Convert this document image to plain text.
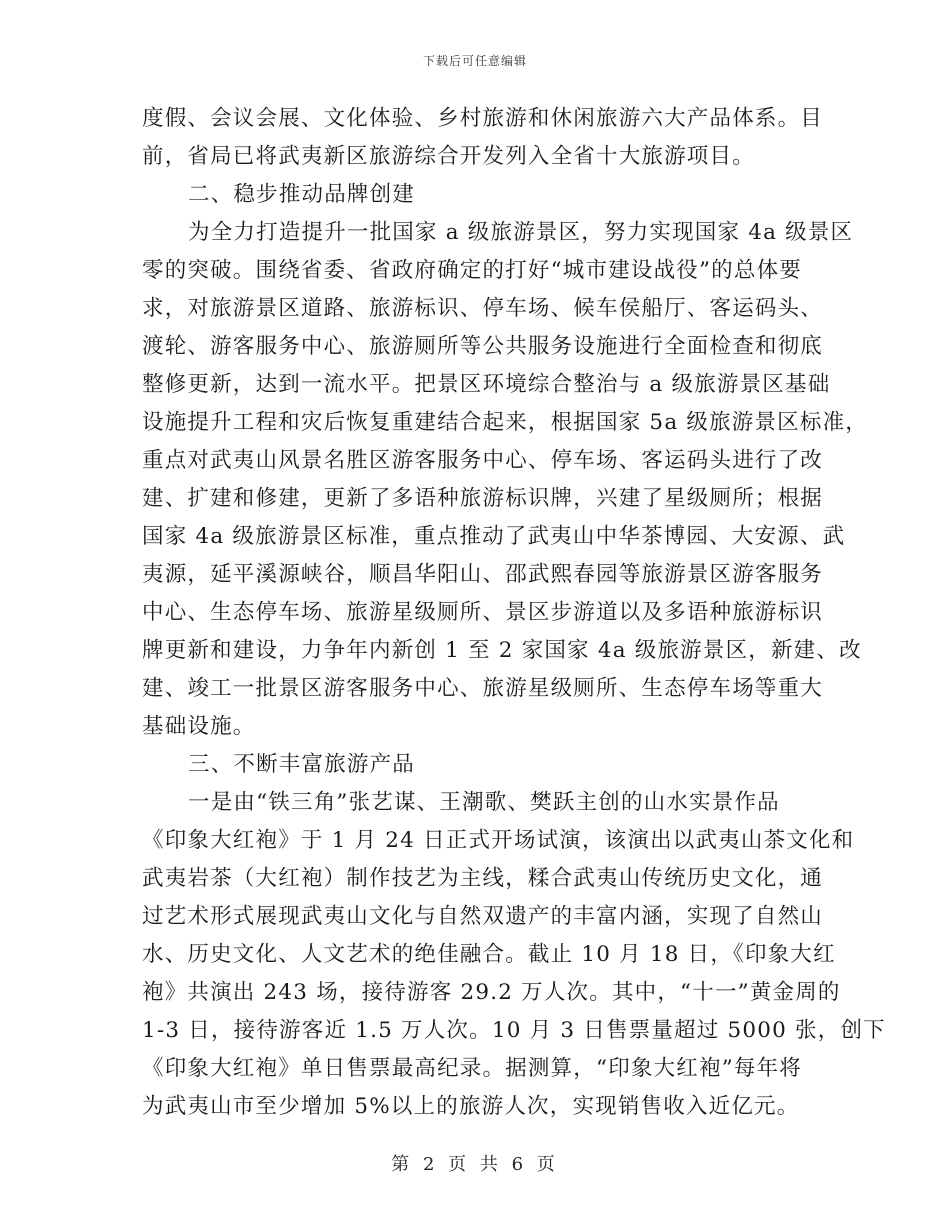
下载后可任意编辑
度假、会议会展、文化体验、乡村旅游和休闲旅游六大产品体系。目
前，省局已将武夷新区旅游综合开发列入全省十大旅游项目。
二、稳步推动品牌创建
为全力打造提升一批国家 a 级旅游景区，努力实现国家 4a 级景区
零的突破。围绕省委、省政府确定的打好“城市建设战役”的总体要
求，对旅游景区道路、旅游标识、停车场、候车侯船厅、客运码头、
渡轮、游客服务中心、旅游厕所等公共服务设施进行全面检查和彻底
整修更新，达到一流水平。把景区环境综合整治与 a 级旅游景区基础
设施提升工程和灾后恢复重建结合起来，根据国家 5a 级旅游景区标准，
重点对武夷山风景名胜区游客服务中心、停车场、客运码头进行了改
建、扩建和修建，更新了多语种旅游标识牌，兴建了星级厕所；根据
国家 4a 级旅游景区标准，重点推动了武夷山中华茶博园、大安源、武
夷源，延平溪源峡谷，顺昌华阳山、邵武熙春园等旅游景区游客服务
中心、生态停车场、旅游星级厕所、景区步游道以及多语种旅游标识
牌更新和建设，力争年内新创 1 至 2 家国家 4a 级旅游景区，新建、改
建、竣工一批景区游客服务中心、旅游星级厕所、生态停车场等重大
基础设施。
三、不断丰富旅游产品
一是由“铁三角”张艺谋、王潮歌、樊跃主创的山水实景作品
《印象大红袍》于 1 月 24 日正式开场试演，该演出以武夷山茶文化和
武夷岩茶（大红袍）制作技艺为主线，糅合武夷山传统历史文化，通
过艺术形式展现武夷山文化与自然双遗产的丰富内涵，实现了自然山
水、历史文化、人文艺术的绝佳融合。截止 10 月 18 日，《印象大红
袍》共演出 243 场，接待游客 29.2 万人次。其中，“十一”黄金周的
1-3 日，接待游客近 1.5 万人次。10 月 3 日售票量超过 5000 张，创下
《印象大红袍》单日售票最高纪录。据测算，“印象大红袍”每年将
为武夷山市至少增加 5%以上的旅游人次，实现销售收入近亿元。
第 2 页 共 6 页
